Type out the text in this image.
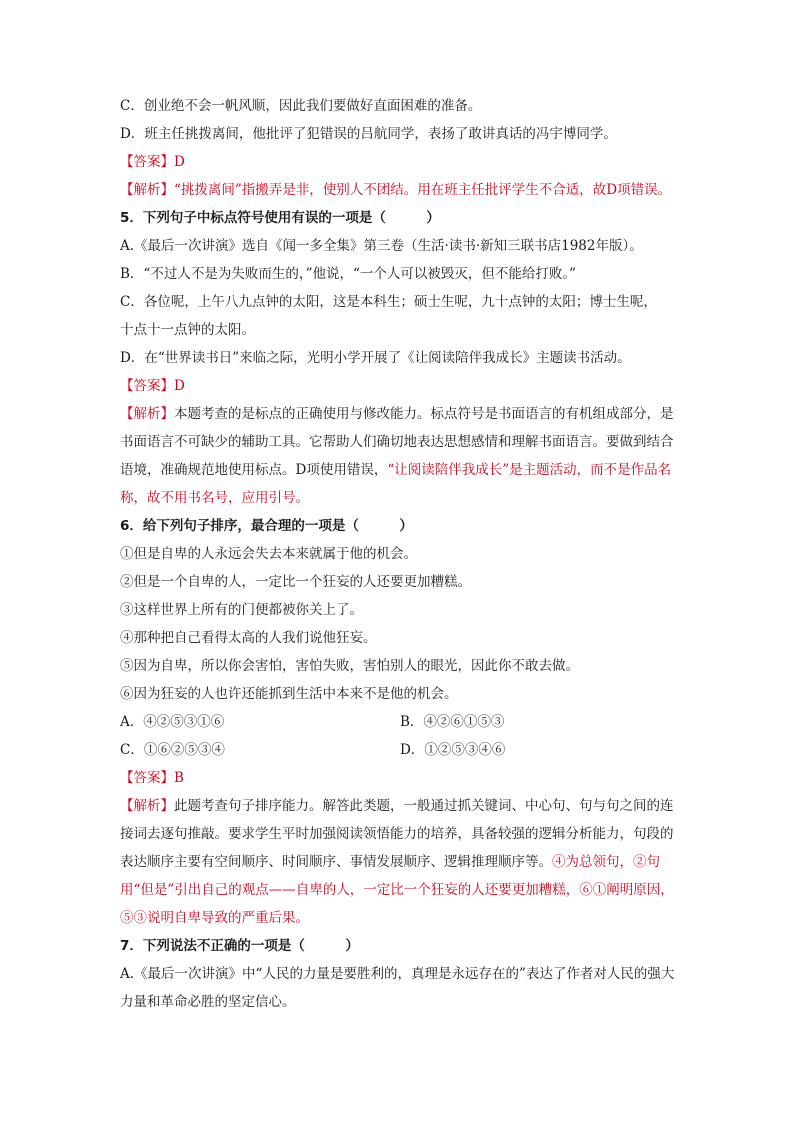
C．创业绝不会一帆风顺，因此我们要做好直面困难的准备。
D．班主任挑拨离间，他批评了犯错误的吕航同学，表扬了敢讲真话的冯宇博同学。
【答案】D
【解析】“挑拨离间”指搬弄是非，使别人不团结。用在班主任批评学生不合适，故D项错误。
5．下列句子中标点符号使用有误的一项是（　　　）
A.《最后一次讲演》选自《闻一多全集》第三卷（生活·读书·新知三联书店1982年版）。
B．“不过人不是为失败而生的，”他说，“一个人可以被毁灭，但不能给打败。”
C．各位呢，上午八九点钟的太阳，这是本科生；硕士生呢，九十点钟的太阳；博士生呢，
十点十一点钟的太阳。
D．在“世界读书日”来临之际，光明小学开展了《让阅读陪伴我成长》主题读书活动。
【答案】D
【解析】本题考查的是标点的正确使用与修改能力。标点符号是书面语言的有机组成部分，是书面语言不可缺少的辅助工具。它帮助人们确切地表达思想感情和理解书面语言。要做到结合语境，准确规范地使用标点。D项使用错误，“让阅读陪伴我成长”是主题活动，而不是作品名称，故不用书名号，应用引号。
6．给下列句子排序，最合理的一项是（　　　）
①但是自卑的人永远会失去本来就属于他的机会。
②但是一个自卑的人，一定比一个狂妄的人还要更加糟糕。
③这样世界上所有的门便都被你关上了。
④那种把自己看得太高的人我们说他狂妄。
⑤因为自卑，所以你会害怕，害怕失败，害怕别人的眼光，因此你不敢去做。
⑥因为狂妄的人也许还能抓到生活中本来不是他的机会。
A．④②⑤③①⑥	B．④②⑥①⑤③
C．①⑥②⑤③④	D．①②⑤③④⑥
【答案】B
【解析】此题考查句子排序能力。解答此类题，一般通过抓关键词、中心句、句与句之间的连接词去逐句推敲。要求学生平时加强阅读领悟能力的培养，具备较强的逻辑分析能力，句段的表达顺序主要有空间顺序、时间顺序、事情发展顺序、逻辑推理顺序等。④为总领句，②句用“但是”引出自己的观点——自卑的人，一定比一个狂妄的人还要更加糟糕，⑥①阐明原因，⑤③说明自卑导致的严重后果。
7．下列说法不正确的一项是（　　　）
A.《最后一次讲演》中“人民的力量是要胜利的，真理是永远存在的”表达了作者对人民的强大力量和革命必胜的坚定信心。
